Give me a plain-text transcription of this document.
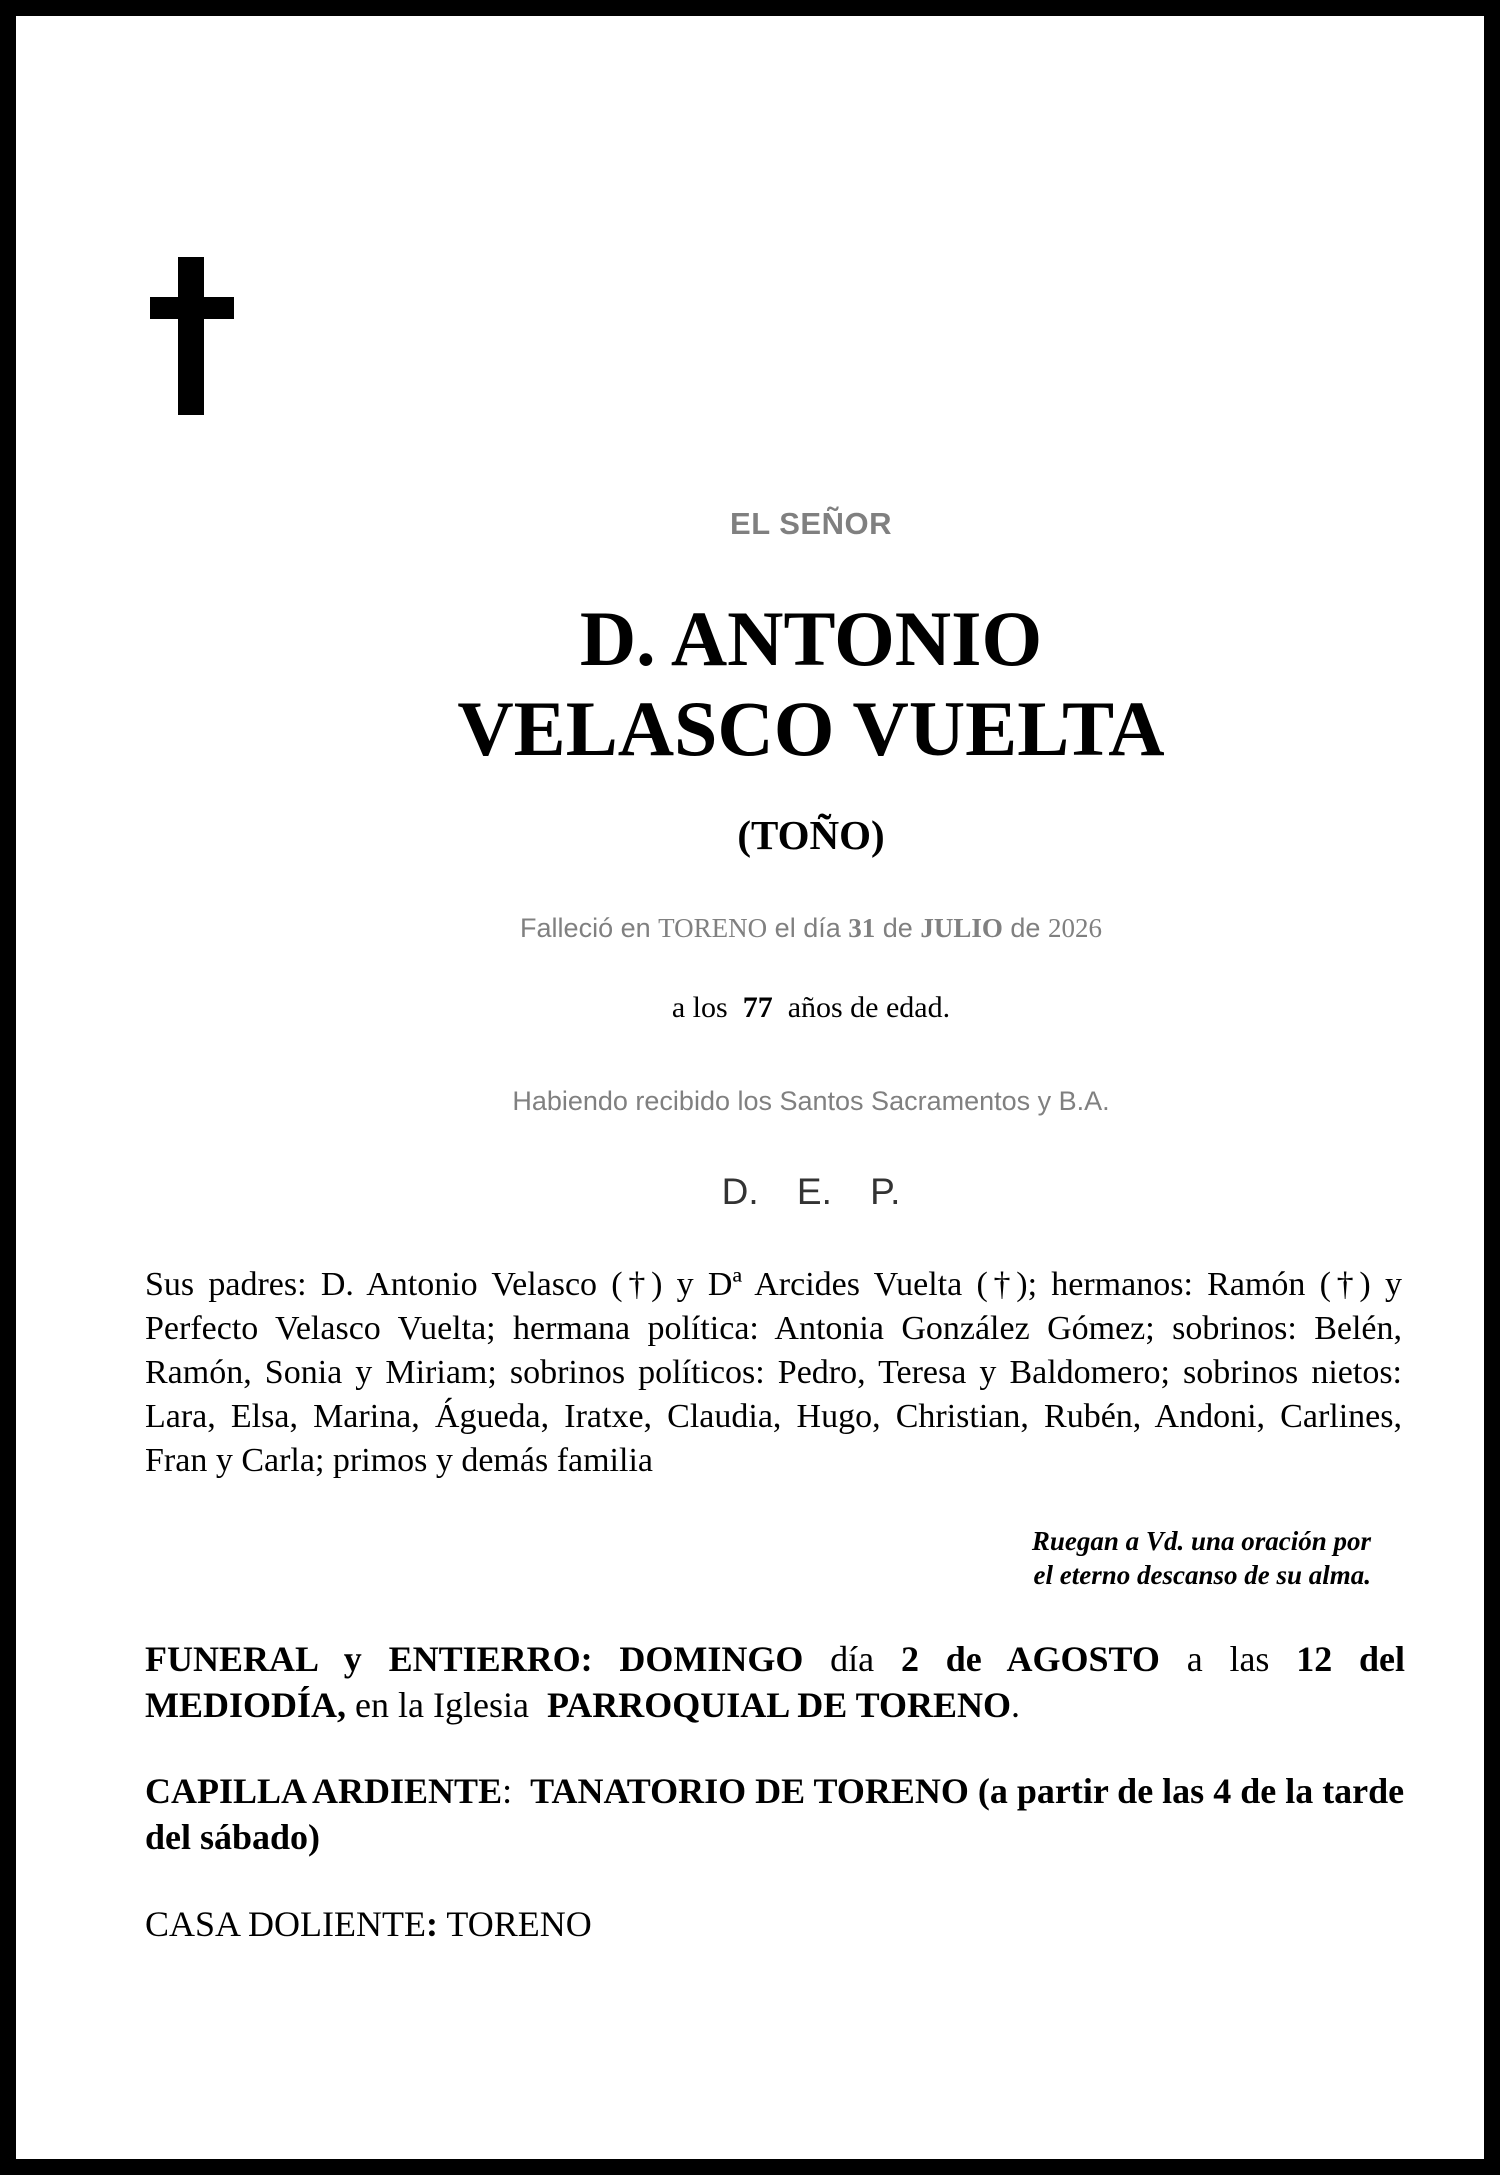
EL SEÑOR
D. ANTONIO
VELASCO VUELTA
(TOÑO)
Falleció en TORENO el día 31 de JULIO de 2026
a los 77 años de edad.
Habiendo recibido los Santos Sacramentos y B.A.
D. E. P.
Sus padres: D. Antonio Velasco (†) y Dª Arcides Vuelta (†); hermanos: Ramón (†) y Perfecto Velasco Vuelta; hermana política: Antonia González Gómez; sobrinos: Belén, Ramón, Sonia y Miriam; sobrinos políticos: Pedro, Teresa y Baldomero; sobrinos nietos: Lara, Elsa, Marina, Águeda, Iratxe, Claudia, Hugo, Christian, Rubén, Andoni, Carlines, Fran y Carla; primos y demás familia
Ruegan a Vd. una oración por
el eterno descanso de su alma.
FUNERAL y ENTIERRO: DOMINGO día 2 de AGOSTO a las 12 del MEDIODÍA, en la Iglesia PARROQUIAL DE TORENO.
CAPILLA ARDIENTE: TANATORIO DE TORENO (a partir de las 4 de la tarde del sábado)
CASA DOLIENTE: TORENO
